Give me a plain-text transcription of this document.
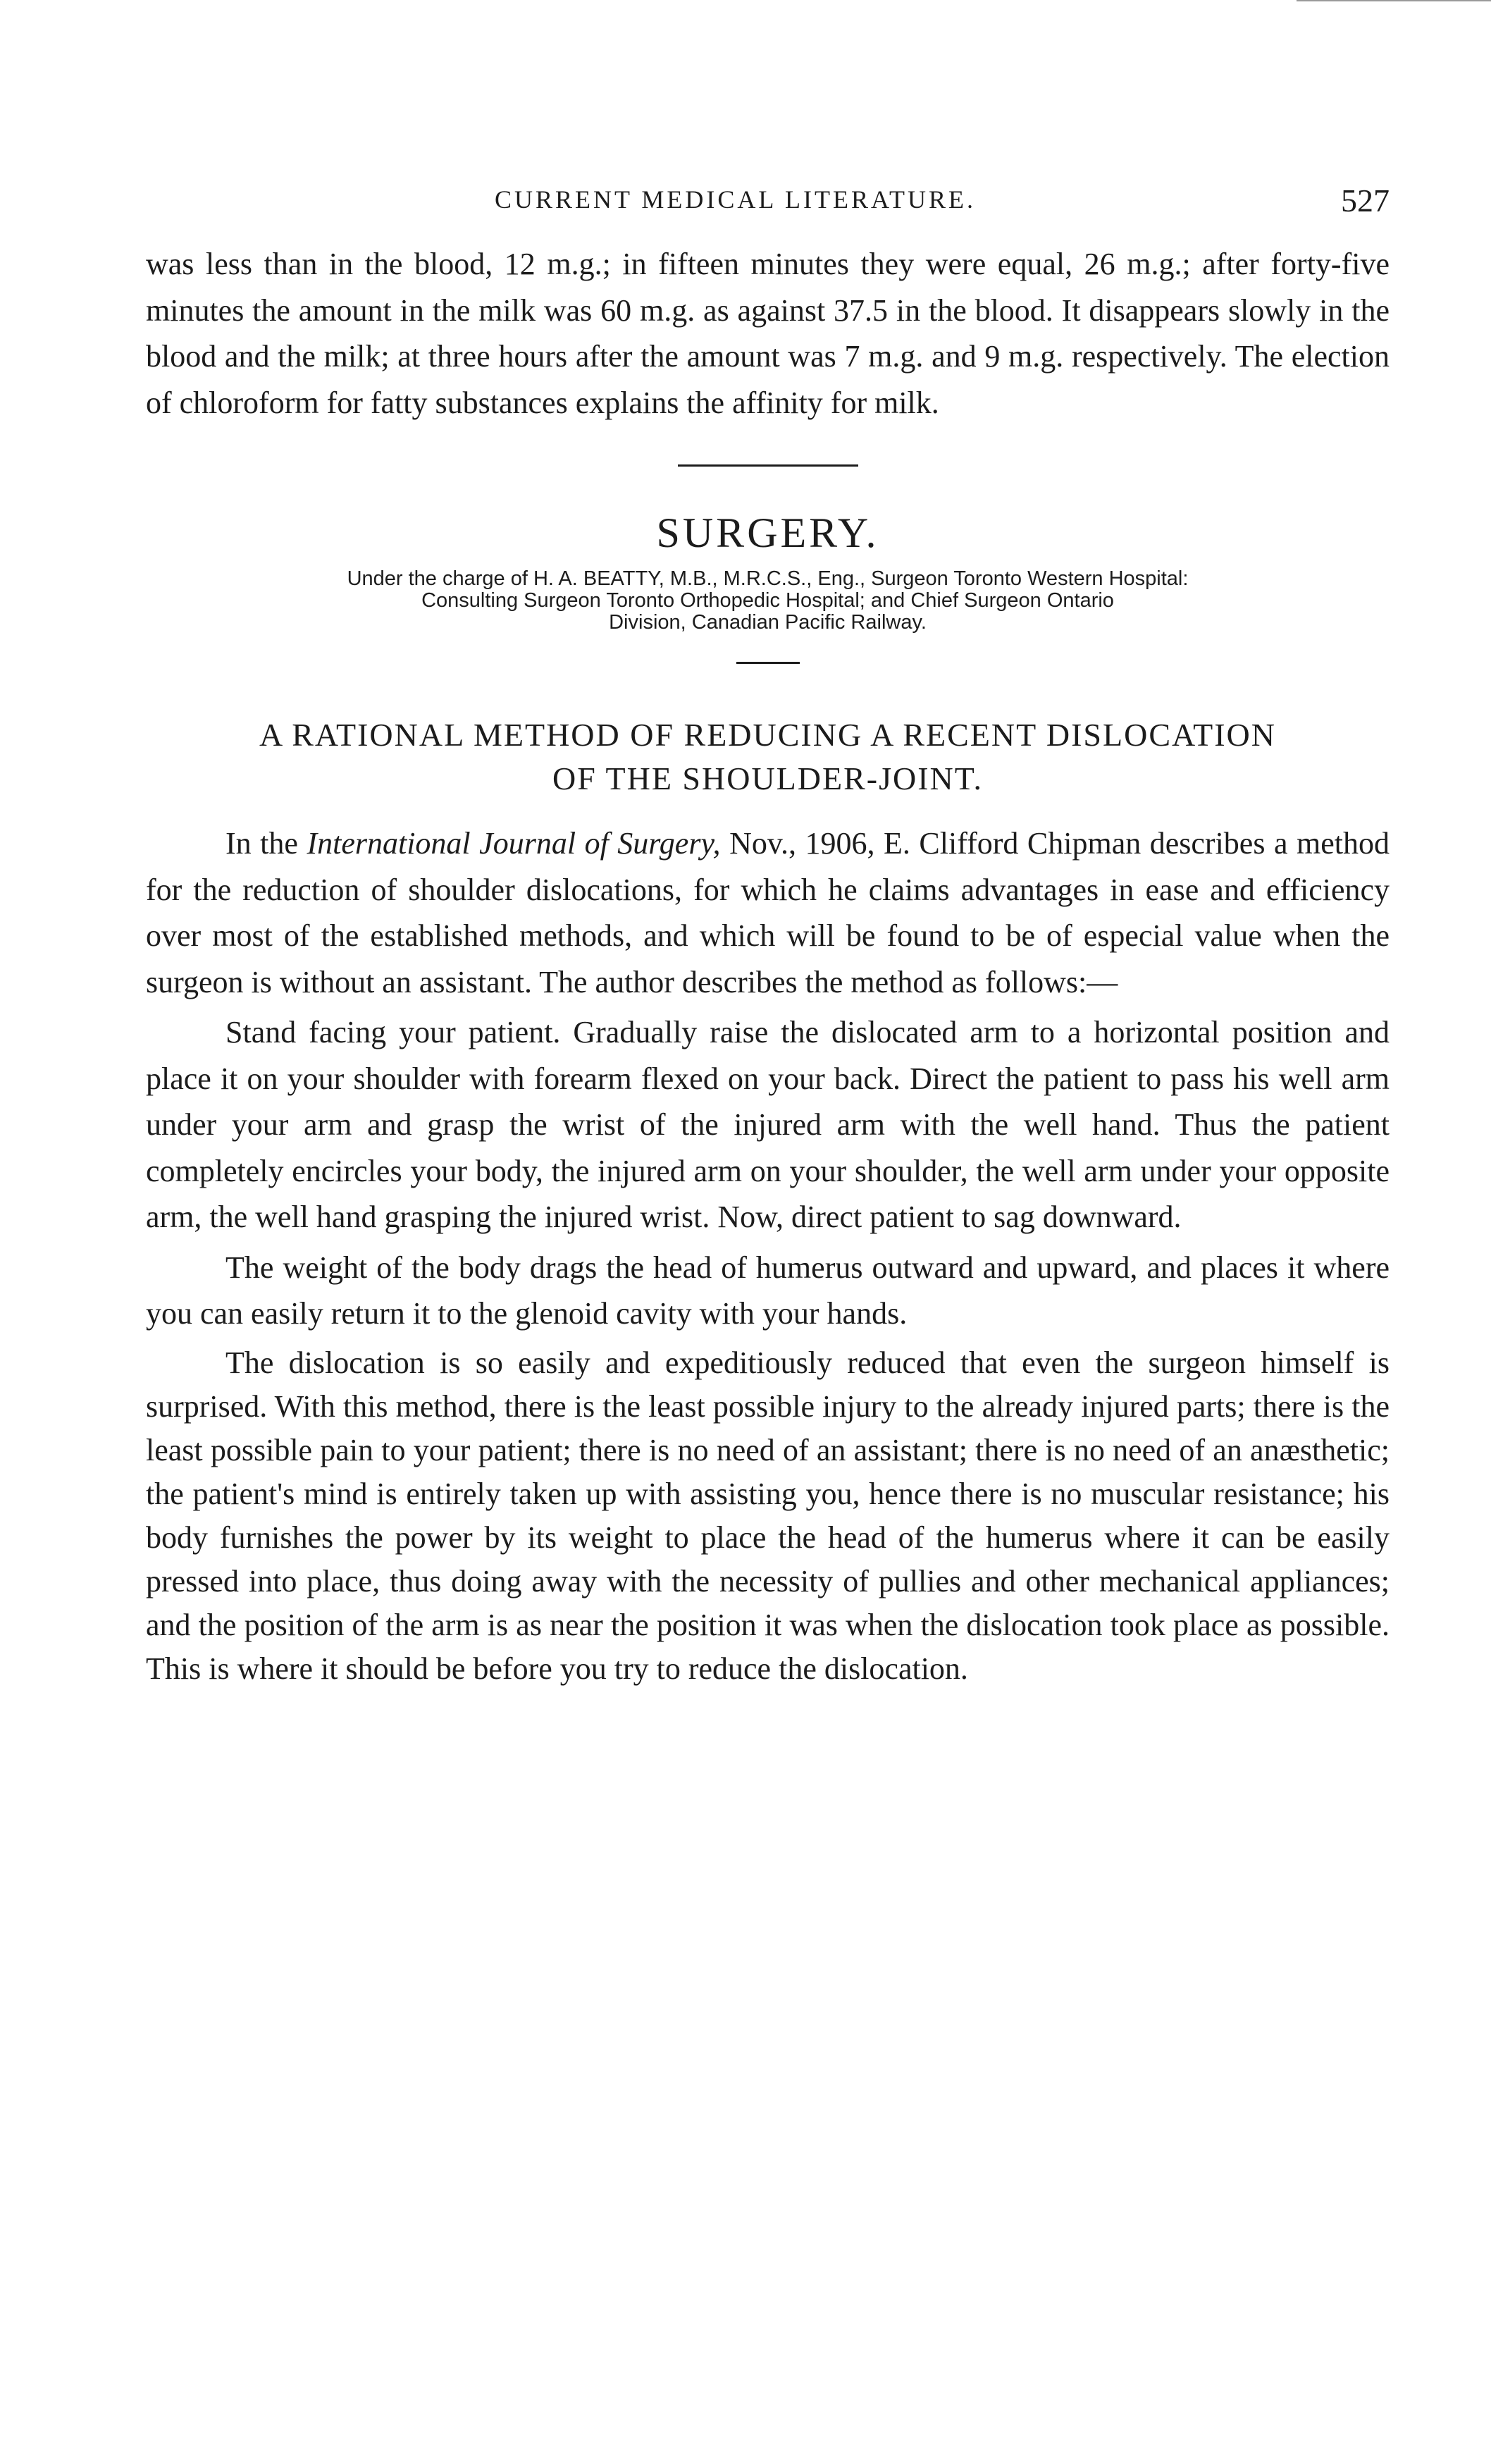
CURRENT MEDICAL LITERATURE.	527

was less than in the blood, 12 m.g.; in fifteen minutes they were equal, 26 m.g.; after forty-five minutes the amount in the milk was 60 m.g. as against 37.5 in the blood. It disappears slowly in the blood and the milk; at three hours after the amount was 7 m.g. and 9 m.g. respectively. The election of chloroform for fatty substances explains the affinity for milk.

SURGERY.
Under the charge of H. A. BEATTY, M.B., M.R.C.S., Eng., Surgeon Toronto Western Hospital:
Consulting Surgeon Toronto Orthopedic Hospital; and Chief Surgeon Ontario
Division, Canadian Pacific Railway.
A RATIONAL METHOD OF REDUCING A RECENT DISLOCATION
OF THE SHOULDER-JOINT.

In the International Journal of Surgery, Nov., 1906, E. Clifford Chipman describes a method for the reduction of shoulder dislocations, for which he claims advantages in ease and efficiency over most of the established methods, and which will be found to be of especial value when the surgeon is without an assistant. The author describes the method as follows:—

Stand facing your patient. Gradually raise the dislocated arm to a horizontal position and place it on your shoulder with forearm flexed on your back. Direct the patient to pass his well arm under your arm and grasp the wrist of the injured arm with the well hand. Thus the patient completely encircles your body, the injured arm on your shoulder, the well arm under your opposite arm, the well hand grasping the injured wrist. Now, direct patient to sag downward.

The weight of the body drags the head of humerus outward and upward, and places it where you can easily return it to the glenoid cavity with your hands.

The dislocation is so easily and expeditiously reduced that even the surgeon himself is surprised. With this method, there is the least possible injury to the already injured parts; there is the least possible pain to your patient; there is no need of an assistant; there is no need of an anæsthetic; the patient's mind is entirely taken up with assisting you, hence there is no muscular resistance; his body furnishes the power by its weight to place the head of the humerus where it can be easily pressed into place, thus doing away with the necessity of pullies and other mechanical appliances; and the position of the arm is as near the position it was when the dislocation took place as possible. This is where it should be before you try to reduce the dislocation.
